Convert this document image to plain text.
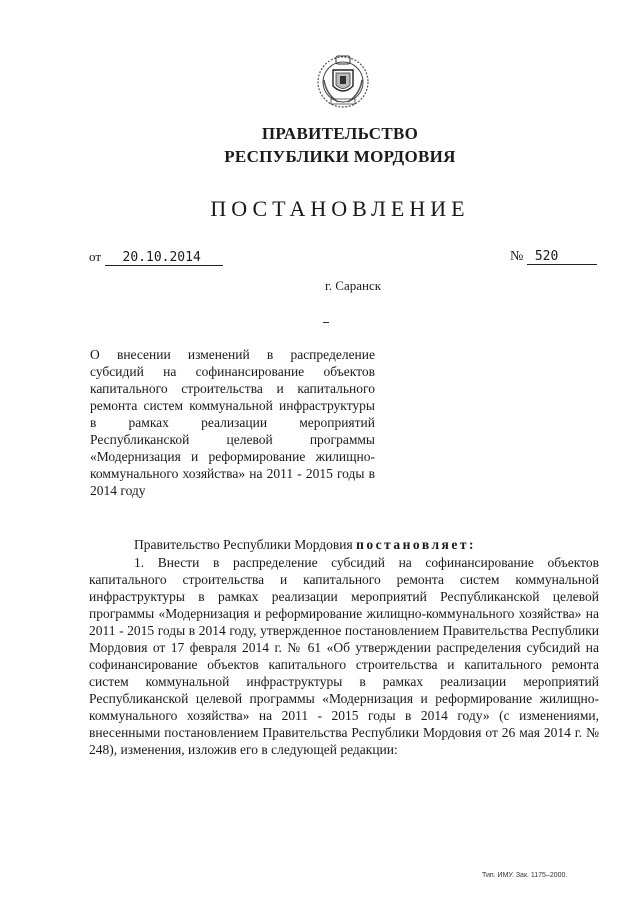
ПРАВИТЕЛЬСТВО
РЕСПУБЛИКИ МОРДОВИЯ
ПОСТАНОВЛЕНИЕ
от 20.10.2014	№ 520
г. Саранск
О внесении изменений в распределение субсидий на софинансирование объектов капитального строительства и капитального ремонта систем коммунальной инфраструктуры в рамках реализации мероприятий Республиканской целевой программы «Модернизация и реформирование жилищно-коммунального хозяйства» на 2011 - 2015 годы в 2014 году
Правительство Республики Мордовия постановляет:
1. Внести в распределение субсидий на софинансирование объектов капитального строительства и капитального ремонта систем коммунальной инфраструктуры в рамках реализации мероприятий Республиканской целевой программы «Модернизация и реформирование жилищно-коммунального хозяйства» на 2011 - 2015 годы в 2014 году, утвержденное постановлением Правительства Республики Мордовия от 17 февраля 2014 г. № 61 «Об утверждении распределения субсидий на софинансирование объектов капитального строительства и капитального ремонта систем коммунальной инфраструктуры в рамках реализации мероприятий Республиканской целевой программы «Модернизация и реформирование жилищно-коммунального хозяйства» на 2011 - 2015 годы в 2014 году» (с изменениями, внесенными постановлением Правительства Республики Мордовия от 26 мая 2014 г. № 248), изменения, изложив его в следующей редакции:
Тип. ИМУ. Зак. 1175–2000.
